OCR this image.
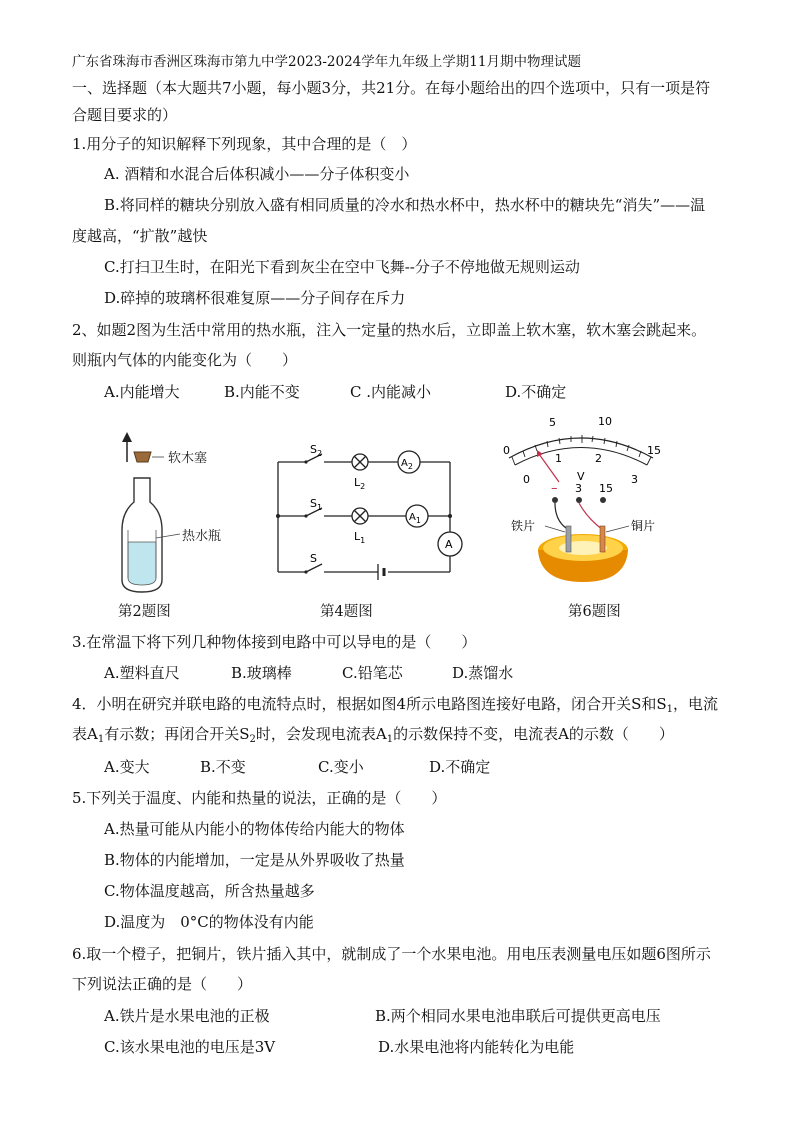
广东省珠海市香洲区珠海市第九中学2023-2024学年九年级上学期11月期中物理试题
一、选择题（本大题共7小题，每小题3分，共21分。在每小题给出的四个选项中，只有一项是符
合题目要求的）
1.用分子的知识解释下列现象，其中合理的是（　）
A. 酒精和水混合后体积减小——分子体积变小
B.将同样的糖块分别放入盛有相同质量的冷水和热水杯中，热水杯中的糖块先“消失”——温
度越高，“扩散”越快
C.打扫卫生时，在阳光下看到灰尘在空中飞舞--分子不停地做无规则运动
D.碎掉的玻璃杯很难复原——分子间存在斥力
2、如题2图为生活中常用的热水瓶，注入一定量的热水后，立即盖上软木塞，软木塞会跳起来。
则瓶内气体的内能变化为（　　）
A.内能增大	B.内能不变	C .内能减小	D.不确定
软木塞
热水瓶
第2题图
$S_2$
$S_1$
S
$L_2$
$L_1$
$A_2$
$A_1$
A
第4题图
0
5	10
15
0
1	2
3
V
– 3 15
铁片	铜片
第6题图
3.在常温下将下列几种物体接到电路中可以导电的是（　　）
A.塑料直尺	B.玻璃棒	C.铅笔芯	D.蒸馏水
4．小明在研究并联电路的电流特点时，根据如图4所示电路图连接好电路，闭合开关S和$S_1$，电流
表$A_1$有示数；再闭合开关$S_2$时，会发现电流表$A_1$的示数保持不变，电流表A的示数（　　）
A.变大	B.不变	C.变小	D.不确定
5.下列关于温度、内能和热量的说法，正确的是（　　）
A.热量可能从内能小的物体传给内能大的物体
B.物体的内能增加，一定是从外界吸收了热量
C.物体温度越高，所含热量越多
D.温度为　0°C的物体没有内能
6.取一个橙子，把铜片，铁片插入其中，就制成了一个水果电池。用电压表测量电压如题6图所示
下列说法正确的是（　　）
A.铁片是水果电池的正极	B.两个相同水果电池串联后可提供更高电压
C.该水果电池的电压是3V	D.水果电池将内能转化为电能
